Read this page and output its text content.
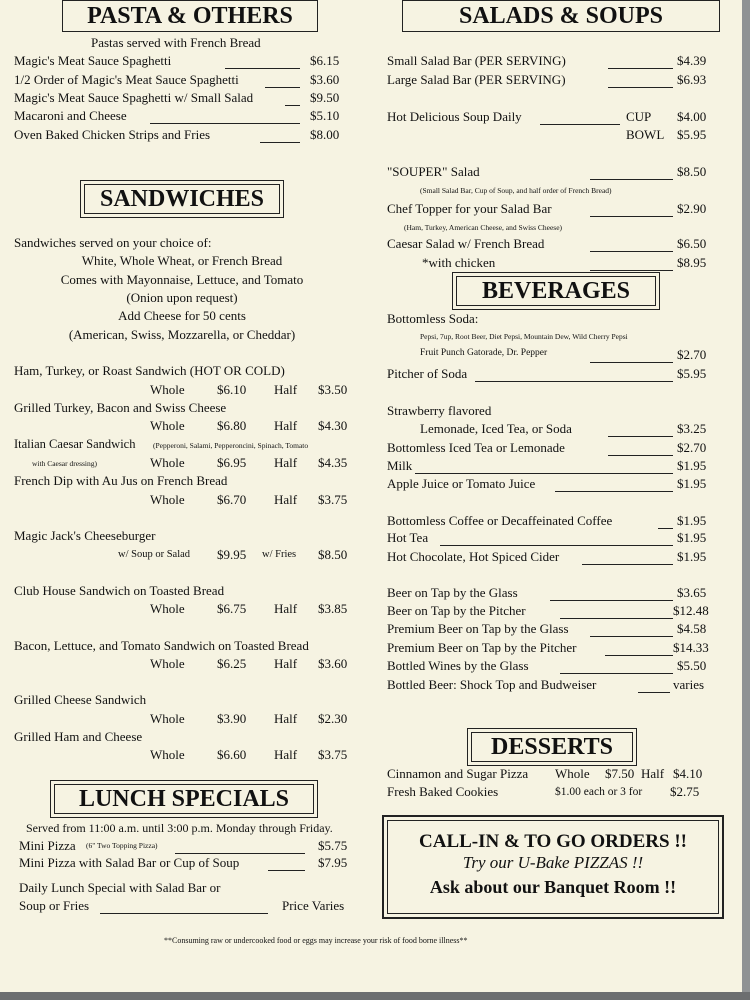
PASTA & OTHERS
Pastas served with French Bread
Magic's Meat Sauce Spaghetti	$6.15
1/2 Order of Magic's Meat Sauce Spaghetti	$3.60
Magic's Meat Sauce Spaghetti w/ Small Salad	$9.50
Macaroni and Cheese	$5.10
Oven Baked Chicken Strips and Fries	$8.00
SANDWICHES
Sandwiches served on your choice of:
White, Whole Wheat, or French Bread
Comes with Mayonnaise, Lettuce, and Tomato
(Onion upon request)
Add Cheese for 50 cents
(American, Swiss, Mozzarella, or Cheddar)
Ham, Turkey, or Roast Sandwich (HOT OR COLD)
Whole $6.10 Half $3.50
Grilled Turkey, Bacon and Swiss Cheese
Whole $6.80 Half $4.30
Italian Caesar Sandwich (Pepperoni, Salami, Pepperoncini, Spinach, Tomato
with Caesar dressing)	Whole $6.95 Half $4.35
French Dip with Au Jus on French Bread
Whole $6.70 Half $3.75
Magic Jack's Cheeseburger
w/ Soup or Salad $9.95 w/ Fries $8.50
Club House Sandwich on Toasted Bread
Whole $6.75 Half $3.85
Bacon, Lettuce, and Tomato Sandwich on Toasted Bread
Whole $6.25 Half $3.60
Grilled Cheese Sandwich
Whole $3.90 Half $2.30
Grilled Ham and Cheese
Whole $6.60 Half $3.75
LUNCH SPECIALS
Served from 11:00 a.m. until 3:00 p.m. Monday through Friday.
Mini Pizza (6" Two Topping Pizza)	$5.75
Mini Pizza with Salad Bar or Cup of Soup	$7.95
Daily Lunch Special with Salad Bar or
Soup or Fries	Price Varies
SALADS & SOUPS
Small Salad Bar (PER SERVING)	$4.39
Large Salad Bar (PER SERVING)	$6.93
Hot Delicious Soup Daily	CUP $4.00
BOWL $5.95
"SOUPER" Salad	$8.50
(Small Salad Bar, Cup of Soup, and half order of French Bread)
Chef Topper for your Salad Bar	$2.90
(Ham, Turkey, American Cheese, and Swiss Cheese)
Caesar Salad w/ French Bread	$6.50
*with chicken	$8.95
BEVERAGES
Bottomless Soda:
Pepsi, 7up, Root Beer, Diet Pepsi, Mountain Dew, Wild Cherry Pepsi
Fruit Punch Gatorade, Dr. Pepper	$2.70
Pitcher of Soda	$5.95
Strawberry flavored
Lemonade, Iced Tea, or Soda	$3.25
Bottomless Iced Tea or Lemonade	$2.70
Milk	$1.95
Apple Juice or Tomato Juice	$1.95
Bottomless Coffee or Decaffeinated Coffee	$1.95
Hot Tea	$1.95
Hot Chocolate, Hot Spiced Cider	$1.95
Beer on Tap by the Glass	$3.65
Beer on Tap by the Pitcher	$12.48
Premium Beer on Tap by the Glass	$4.58
Premium Beer on Tap by the Pitcher	$14.33
Bottled Wines by the Glass	$5.50
Bottled Beer: Shock Top and Budweiser	varies
DESSERTS
Cinnamon and Sugar Pizza Whole $7.50 Half $4.10
Fresh Baked Cookies	$1.00 each or 3 for $2.75
CALL-IN & TO GO ORDERS !!
Try our U-Bake PIZZAS !!
Ask about our Banquet Room !!
**Consuming raw or undercooked food or eggs may increase your risk of food borne illness**
